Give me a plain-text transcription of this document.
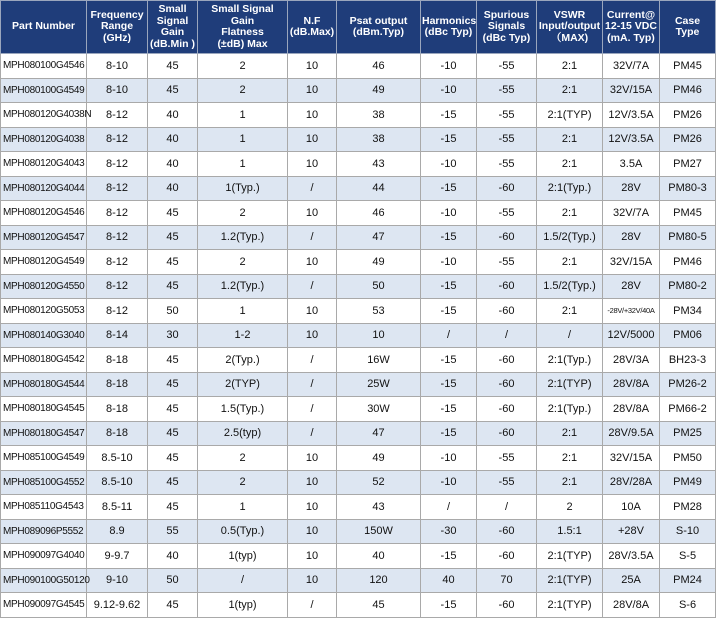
Part Number	Frequency
Range
(GHz)	Small
Signal
Gain
(dB.Min )	Small Signal
Gain
Flatness
(±dB) Max	N.F
(dB.Max)	Psat output
(dBm.Typ)	Harmonics
(dBc Typ)	Spurious
Signals
(dBc Typ)	VSWR
Input/output
（MAX)	Current@
12-15 VDC
(mA. Typ)	Case
Type

MPH080100G4546	8-10	45	2	10	46	-10	-55	2:1	32V/7A	PM45
MPH080100G4549	8-10	45	2	10	49	-10	-55	2:1	32V/15A	PM46
MPH080120G4038N	8-12	40	1	10	38	-15	-55	2:1(TYP)	12V/3.5A	PM26
MPH080120G4038	8-12	40	1	10	38	-15	-55	2:1	12V/3.5A	PM26
MPH080120G4043	8-12	40	1	10	43	-10	-55	2:1	3.5A	PM27
MPH080120G4044	8-12	40	1(Typ.)	/	44	-15	-60	2:1(Typ.)	28V	PM80-3
MPH080120G4546	8-12	45	2	10	46	-10	-55	2:1	32V/7A	PM45
MPH080120G4547	8-12	45	1.2(Typ.)	/	47	-15	-60	1.5/2(Typ.)	28V	PM80-5
MPH080120G4549	8-12	45	2	10	49	-10	-55	2:1	32V/15A	PM46
MPH080120G4550	8-12	45	1.2(Typ.)	/	50	-15	-60	1.5/2(Typ.)	28V	PM80-2
MPH080120G5053	8-12	50	1	10	53	-15	-60	2:1	-28V/+32V/40A	PM34
MPH080140G3040	8-14	30	1-2	10	10	/	/	/	12V/5000	PM06
MPH080180G4542	8-18	45	2(Typ.)	/	16W	-15	-60	2:1(Typ.)	28V/3A	BH23-3
MPH080180G4544	8-18	45	2(TYP)	/	25W	-15	-60	2:1(TYP)	28V/8A	PM26-2
MPH080180G4545	8-18	45	1.5(Typ.)	/	30W	-15	-60	2:1(Typ.)	28V/8A	PM66-2
MPH080180G4547	8-18	45	2.5(typ)	/	47	-15	-60	2:1	28V/9.5A	PM25
MPH085100G4549	8.5-10	45	2	10	49	-10	-55	2:1	32V/15A	PM50
MPH085100G4552	8.5-10	45	2	10	52	-10	-55	2:1	28V/28A	PM49
MPH085110G4543	8.5-11	45	1	10	43	/	/	2	10A	PM28
MPH089096P5552	8.9	55	0.5(Typ.)	10	150W	-30	-60	1.5:1	+28V	S-10
MPH090097G4040	9-9.7	40	1(typ)	10	40	-15	-60	2:1(TYP)	28V/3.5A	S-5
MPH090100G50120	9-10	50	/	10	120	40	70	2:1(TYP)	25A	PM24
MPH090097G4545	9.12-9.62	45	1(typ)	/	45	-15	-60	2:1(TYP)	28V/8A	S-6
